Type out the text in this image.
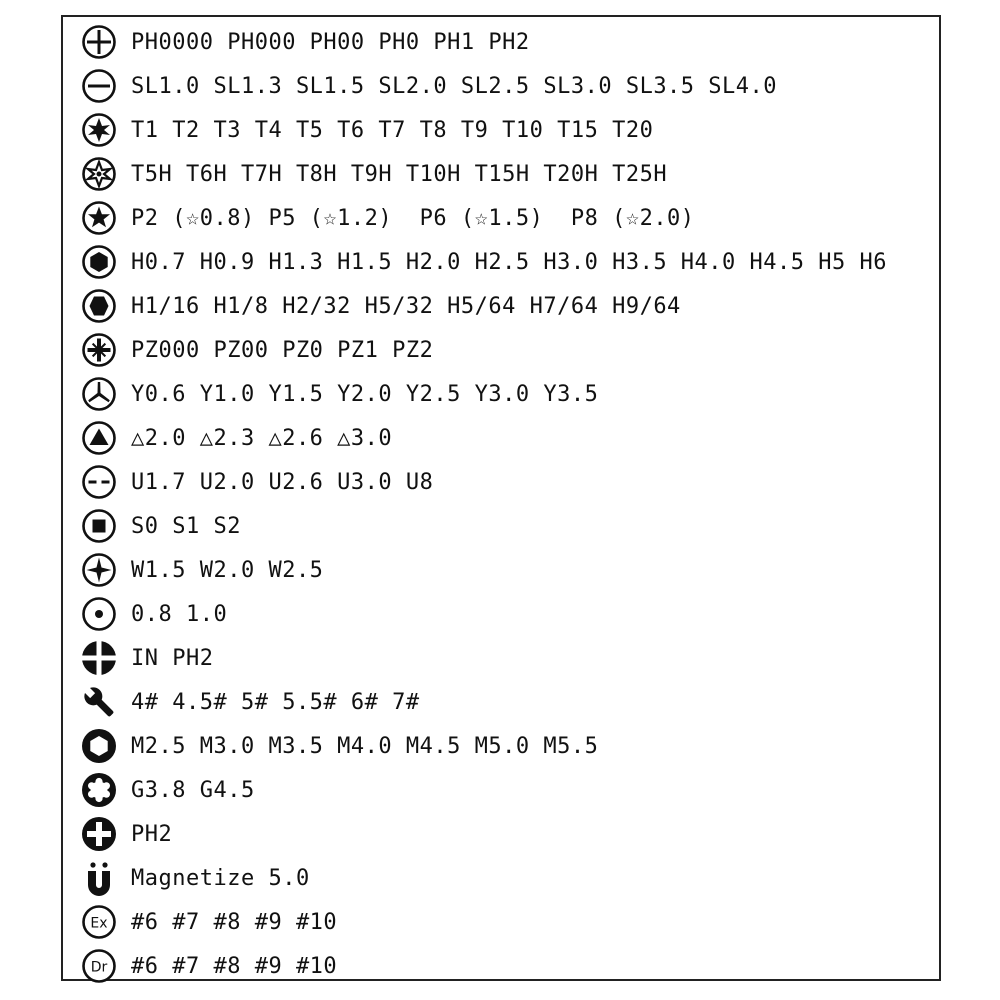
PH0000 PH000 PH00 PH0 PH1 PH2
SL1.0 SL1.3 SL1.5 SL2.0 SL2.5 SL3.0 SL3.5 SL4.0
T1 T2 T3 T4 T5 T6 T7 T8 T9 T10 T15 T20
T5H T6H T7H T8H T9H T10H T15H T20H T25H
P2 (☆0.8) P5 (☆1.2)  P6 (☆1.5)  P8 (☆2.0)
H0.7 H0.9 H1.3 H1.5 H2.0 H2.5 H3.0 H3.5 H4.0 H4.5 H5 H6
H1/16 H1/8 H2/32 H5/32 H5/64 H7/64 H9/64
PZ000 PZ00 PZ0 PZ1 PZ2
Y0.6 Y1.0 Y1.5 Y2.0 Y2.5 Y3.0 Y3.5
△2.0 △2.3 △2.6 △3.0
U1.7 U2.0 U2.6 U3.0 U8
S0 S1 S2
W1.5 W2.0 W2.5
0.8 1.0
IN PH2
4# 4.5# 5# 5.5# 6# 7#
M2.5 M3.0 M3.5 M4.0 M4.5 M5.0 M5.5
G3.8 G4.5
PH2
Magnetize 5.0
Ex #6 #7 #8 #9 #10
Dr #6 #7 #8 #9 #10
